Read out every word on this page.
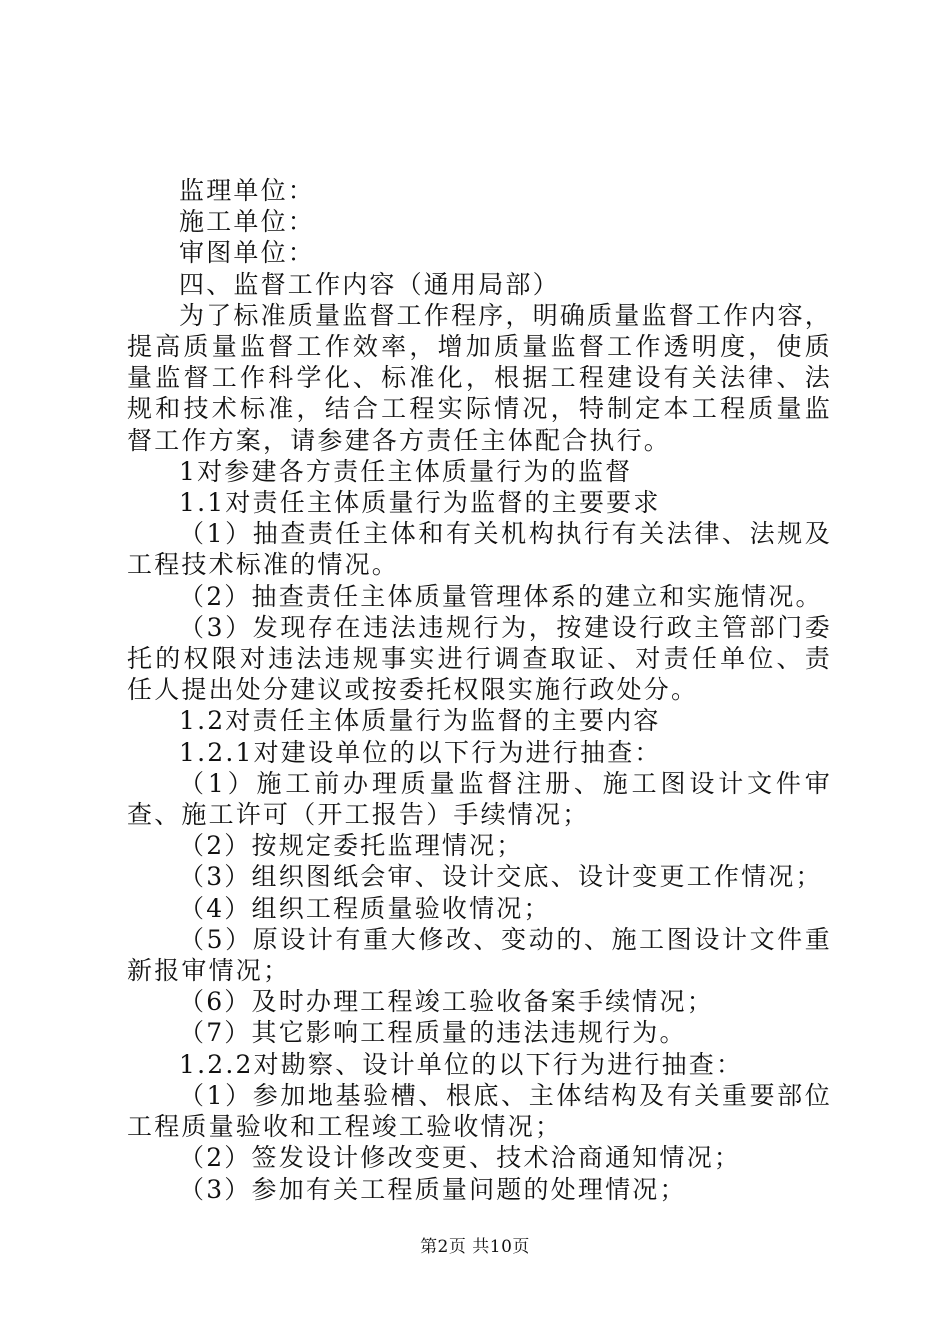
监理单位：

施工单位：

审图单位：

四、监督工作内容（通用局部）

为了标准质量监督工作程序，明确质量监督工作内容，提高质量监督工作效率，增加质量监督工作透明度，使质量监督工作科学化、标准化，根据工程建设有关法律、法规和技术标准，结合工程实际情况，特制定本工程质量监督工作方案，请参建各方责任主体配合执行。

1对参建各方责任主体质量行为的监督

1.1对责任主体质量行为监督的主要要求

（1）抽查责任主体和有关机构执行有关法律、法规及工程技术标准的情况。

（2）抽查责任主体质量管理体系的建立和实施情况。

（3）发现存在违法违规行为，按建设行政主管部门委托的权限对违法违规事实进行调查取证、对责任单位、责任人提出处分建议或按委托权限实施行政处分。

1.2对责任主体质量行为监督的主要内容

1.2.1对建设单位的以下行为进行抽查：

（1）施工前办理质量监督注册、施工图设计文件审查、施工许可（开工报告）手续情况；

（2）按规定委托监理情况；

（3）组织图纸会审、设计交底、设计变更工作情况；

（4）组织工程质量验收情况；

（5）原设计有重大修改、变动的、施工图设计文件重新报审情况；

（6）及时办理工程竣工验收备案手续情况；

（7）其它影响工程质量的违法违规行为。

1.2.2对勘察、设计单位的以下行为进行抽查：

（1）参加地基验槽、根底、主体结构及有关重要部位工程质量验收和工程竣工验收情况；

（2）签发设计修改变更、技术洽商通知情况；

（3）参加有关工程质量问题的处理情况；

第2页 共10页
